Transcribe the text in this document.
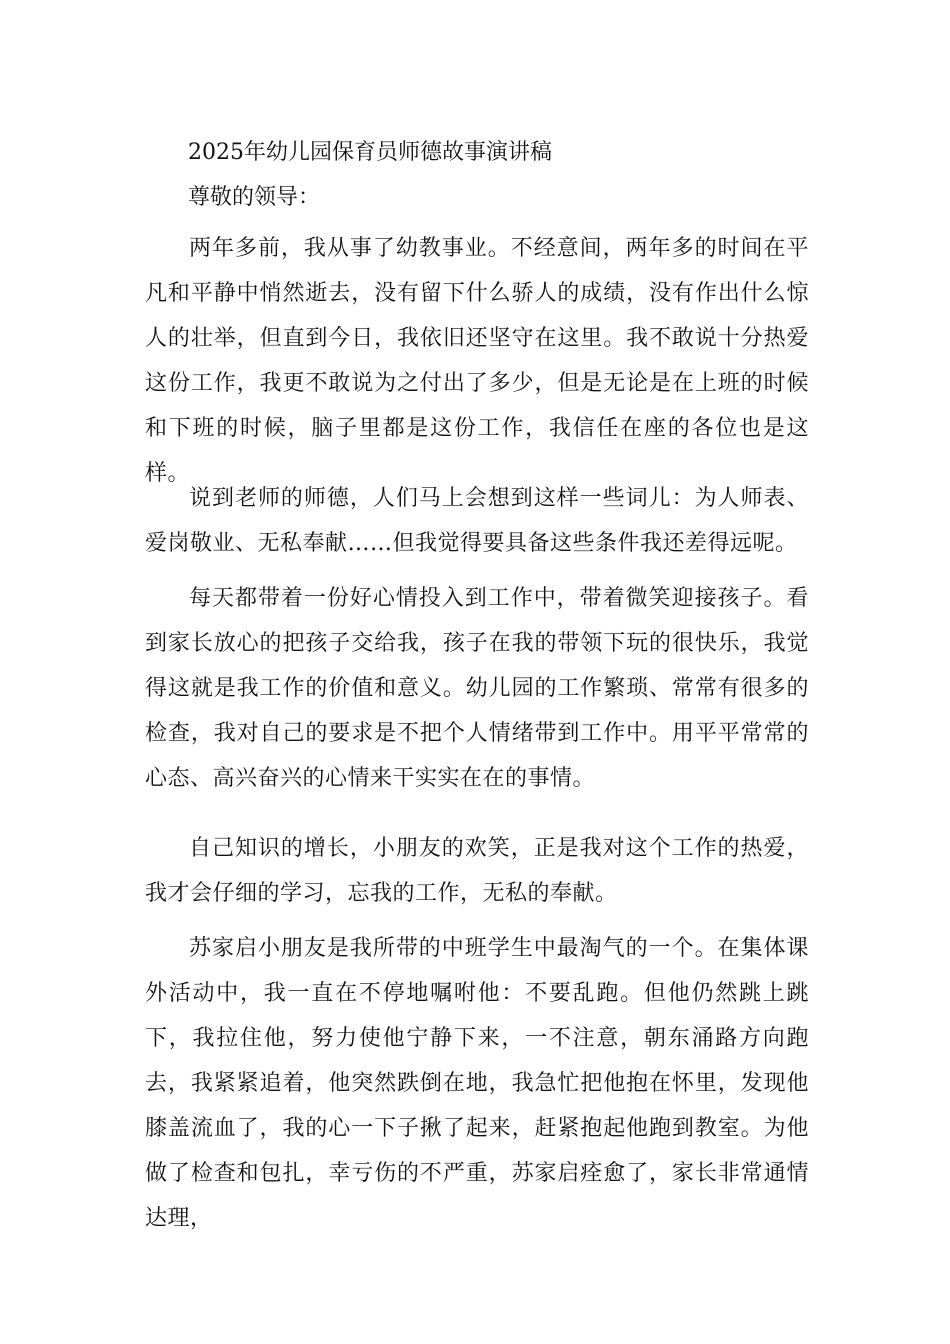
2025年幼儿园保育员师德故事演讲稿
尊敬的领导：

两年多前，我从事了幼教事业。不经意间，两年多的时间在平凡和平静中悄然逝去，没有留下什么骄人的成绩，没有作出什么惊人的壮举，但直到今日，我依旧还坚守在这里。我不敢说十分热爱这份工作，我更不敢说为之付出了多少，但是无论是在上班的时候和下班的时候，脑子里都是这份工作，我信任在座的各位也是这样。

说到老师的师德，人们马上会想到这样一些词儿：为人师表、爱岗敬业、无私奉献……但我觉得要具备这些条件我还差得远呢。

每天都带着一份好心情投入到工作中，带着微笑迎接孩子。看到家长放心的把孩子交给我，孩子在我的带领下玩的很快乐，我觉得这就是我工作的价值和意义。幼儿园的工作繁琐、常常有很多的检查，我对自己的要求是不把个人情绪带到工作中。用平平常常的心态、高兴奋兴的心情来干实实在在的事情。

自己知识的增长，小朋友的欢笑，正是我对这个工作的热爱，我才会仔细的学习，忘我的工作，无私的奉献。

苏家启小朋友是我所带的中班学生中最淘气的一个。在集体课外活动中，我一直在不停地嘱咐他：不要乱跑。但他仍然跳上跳下，我拉住他，努力使他宁静下来，一不注意，朝东涌路方向跑去，我紧紧追着，他突然跌倒在地，我急忙把他抱在怀里，发现他膝盖流血了，我的心一下子揪了起来，赶紧抱起他跑到教室。为他做了检查和包扎，幸亏伤的不严重，苏家启痊愈了，家长非常通情达理，
